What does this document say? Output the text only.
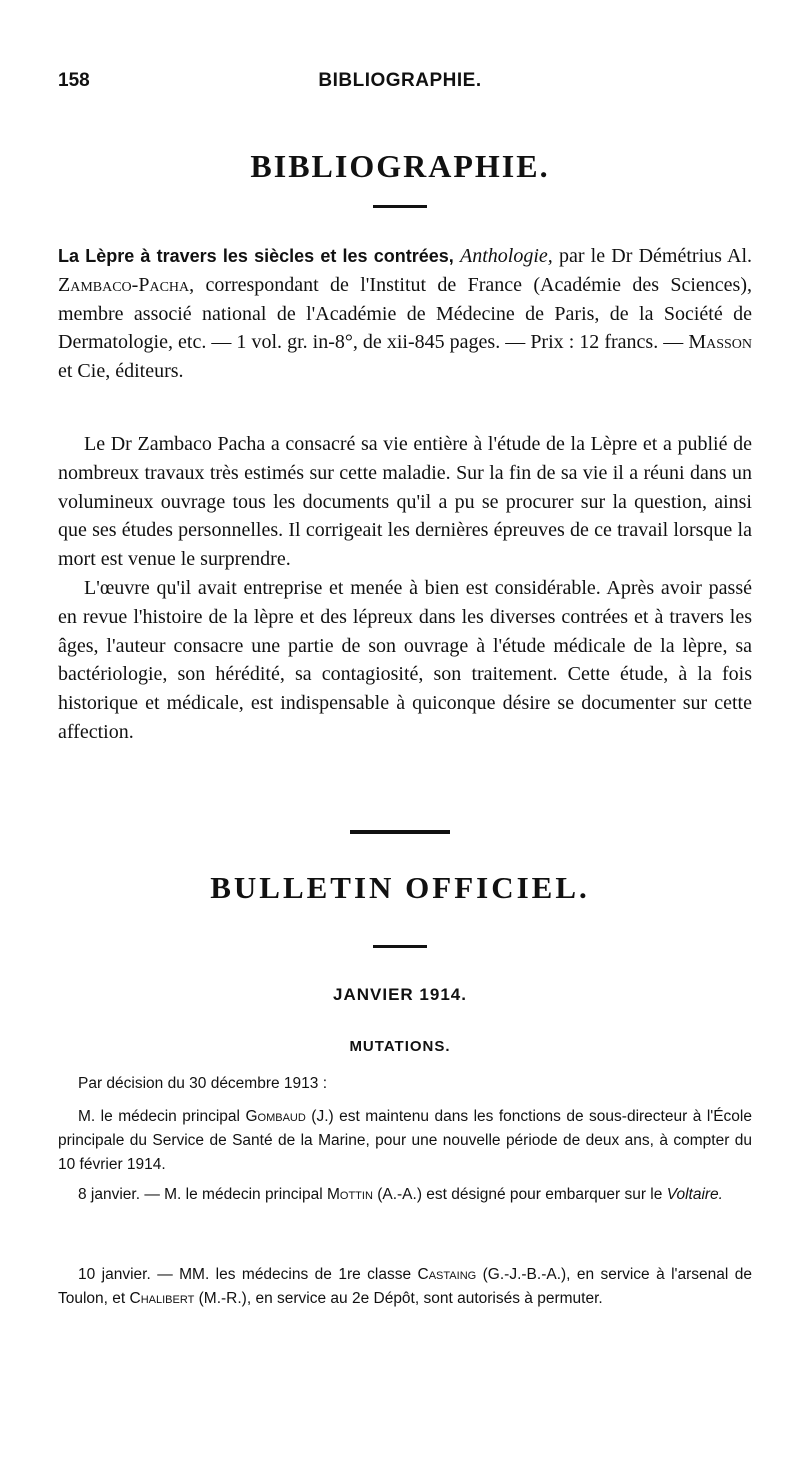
158	BIBLIOGRAPHIE.
BIBLIOGRAPHIE.
La Lèpre à travers les siècles et les contrées, Anthologie, par le Dr Démétrius Al. Zambaco-Pacha, correspondant de l'Institut de France (Académie des Sciences), membre associé national de l'Académie de Médecine de Paris, de la Société de Dermatologie, etc. — 1 vol. gr. in-8°, de xii-845 pages. — Prix : 12 francs. — Masson et Cie, éditeurs.

Le Dr Zambaco Pacha a consacré sa vie entière à l'étude de la Lèpre et a publié de nombreux travaux très estimés sur cette maladie. Sur la fin de sa vie il a réuni dans un volumineux ouvrage tous les documents qu'il a pu se procurer sur la question, ainsi que ses études personnelles. Il corrigeait les dernières épreuves de ce travail lorsque la mort est venue le surprendre.

L'œuvre qu'il avait entreprise et menée à bien est considérable. Après avoir passé en revue l'histoire de la lèpre et des lépreux dans les diverses contrées et à travers les âges, l'auteur consacre une partie de son ouvrage à l'étude médicale de la lèpre, sa bactériologie, son hérédité, sa contagiosité, son traitement. Cette étude, à la fois historique et médicale, est indispensable à quiconque désire se documenter sur cette affection.

BULLETIN OFFICIEL.
JANVIER 1914.
MUTATIONS.
Par décision du 30 décembre 1913 :
M. le médecin principal Gombaud (J.) est maintenu dans les fonctions de sous-directeur à l'École principale du Service de Santé de la Marine, pour une nouvelle période de deux ans, à compter du 10 février 1914.
8 janvier. — M. le médecin principal Mottin (A.-A.) est désigné pour embarquer sur le Voltaire.
10 janvier. — MM. les médecins de 1re classe Castaing (G.-J.-B.-A.), en service à l'arsenal de Toulon, et Chalibert (M.-R.), en service au 2e Dépôt, sont autorisés à permuter.
